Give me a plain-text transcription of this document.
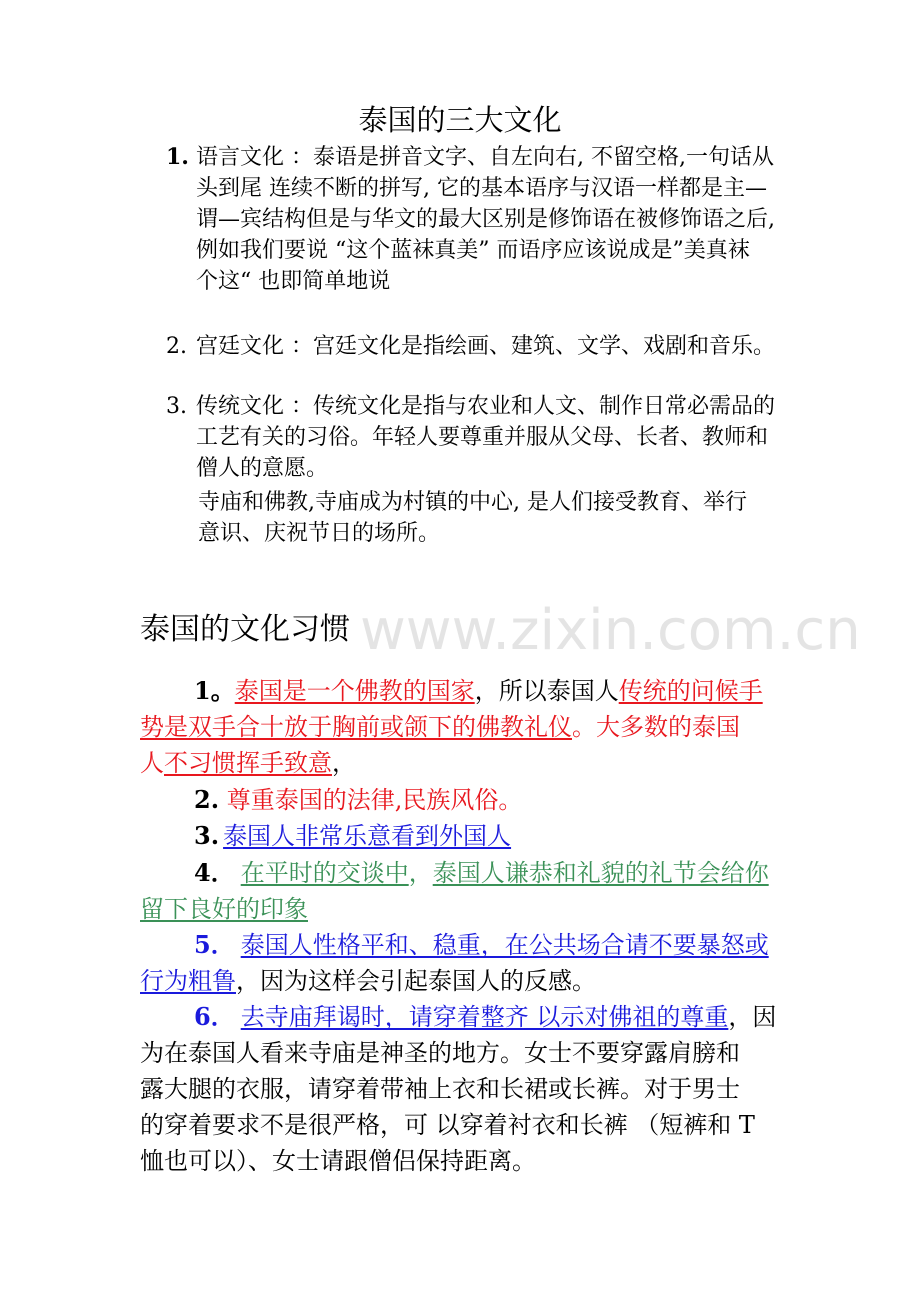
www.zixin.com.cn
泰国的三大文化
1. 语言文化 ：泰语是拼音文字、自左向右, 不留空格,一句话从
头到尾 连续不断的拼写, 它的基本语序与汉语一样都是主—
谓—宾结构但是与华文的最大区别是修饰语在被修饰语之后,
例如我们要说 “这个蓝袜真美” 而语序应该说成是”美真袜
个这“ 也即简单地说
2. 宫廷文化 ：宫廷文化是指绘画、建筑、文学、戏剧和音乐。
3. 传统文化 ：传统文化是指与农业和人文、制作日常必需品的
工艺有关的习俗。年轻人要尊重并服从父母、长者、教师和
僧人的意愿。
寺庙和佛教,寺庙成为村镇的中心, 是人们接受教育、举行
意识、庆祝节日的场所。
泰国的文化习惯
1。泰国是一个佛教的国家，所以泰国人传统的问候手
势是双手合十放于胸前或颌下的佛教礼仪。大多数的泰国
人不习惯挥手致意，
2. 尊重泰国的法律,民族风俗。
3. 泰国人非常乐意看到外国人
4． 在平时的交谈中，泰国人谦恭和礼貌的礼节会给你
留下良好的印象
5． 泰国人性格平和、稳重，在公共场合请不要暴怒或
行为粗鲁，因为这样会引起泰国人的反感。
6． 去寺庙拜谒时，请穿着整齐 以示对佛祖的尊重，因
为在泰国人看来寺庙是神圣的地方。女士不要穿露肩膀和
露大腿的衣服，请穿着带袖上衣和长裙或长裤。对于男士
的穿着要求不是很严格，可 以穿着衬衣和长裤 （短裤和 T
恤也可以）、女士请跟僧侣保持距离。
